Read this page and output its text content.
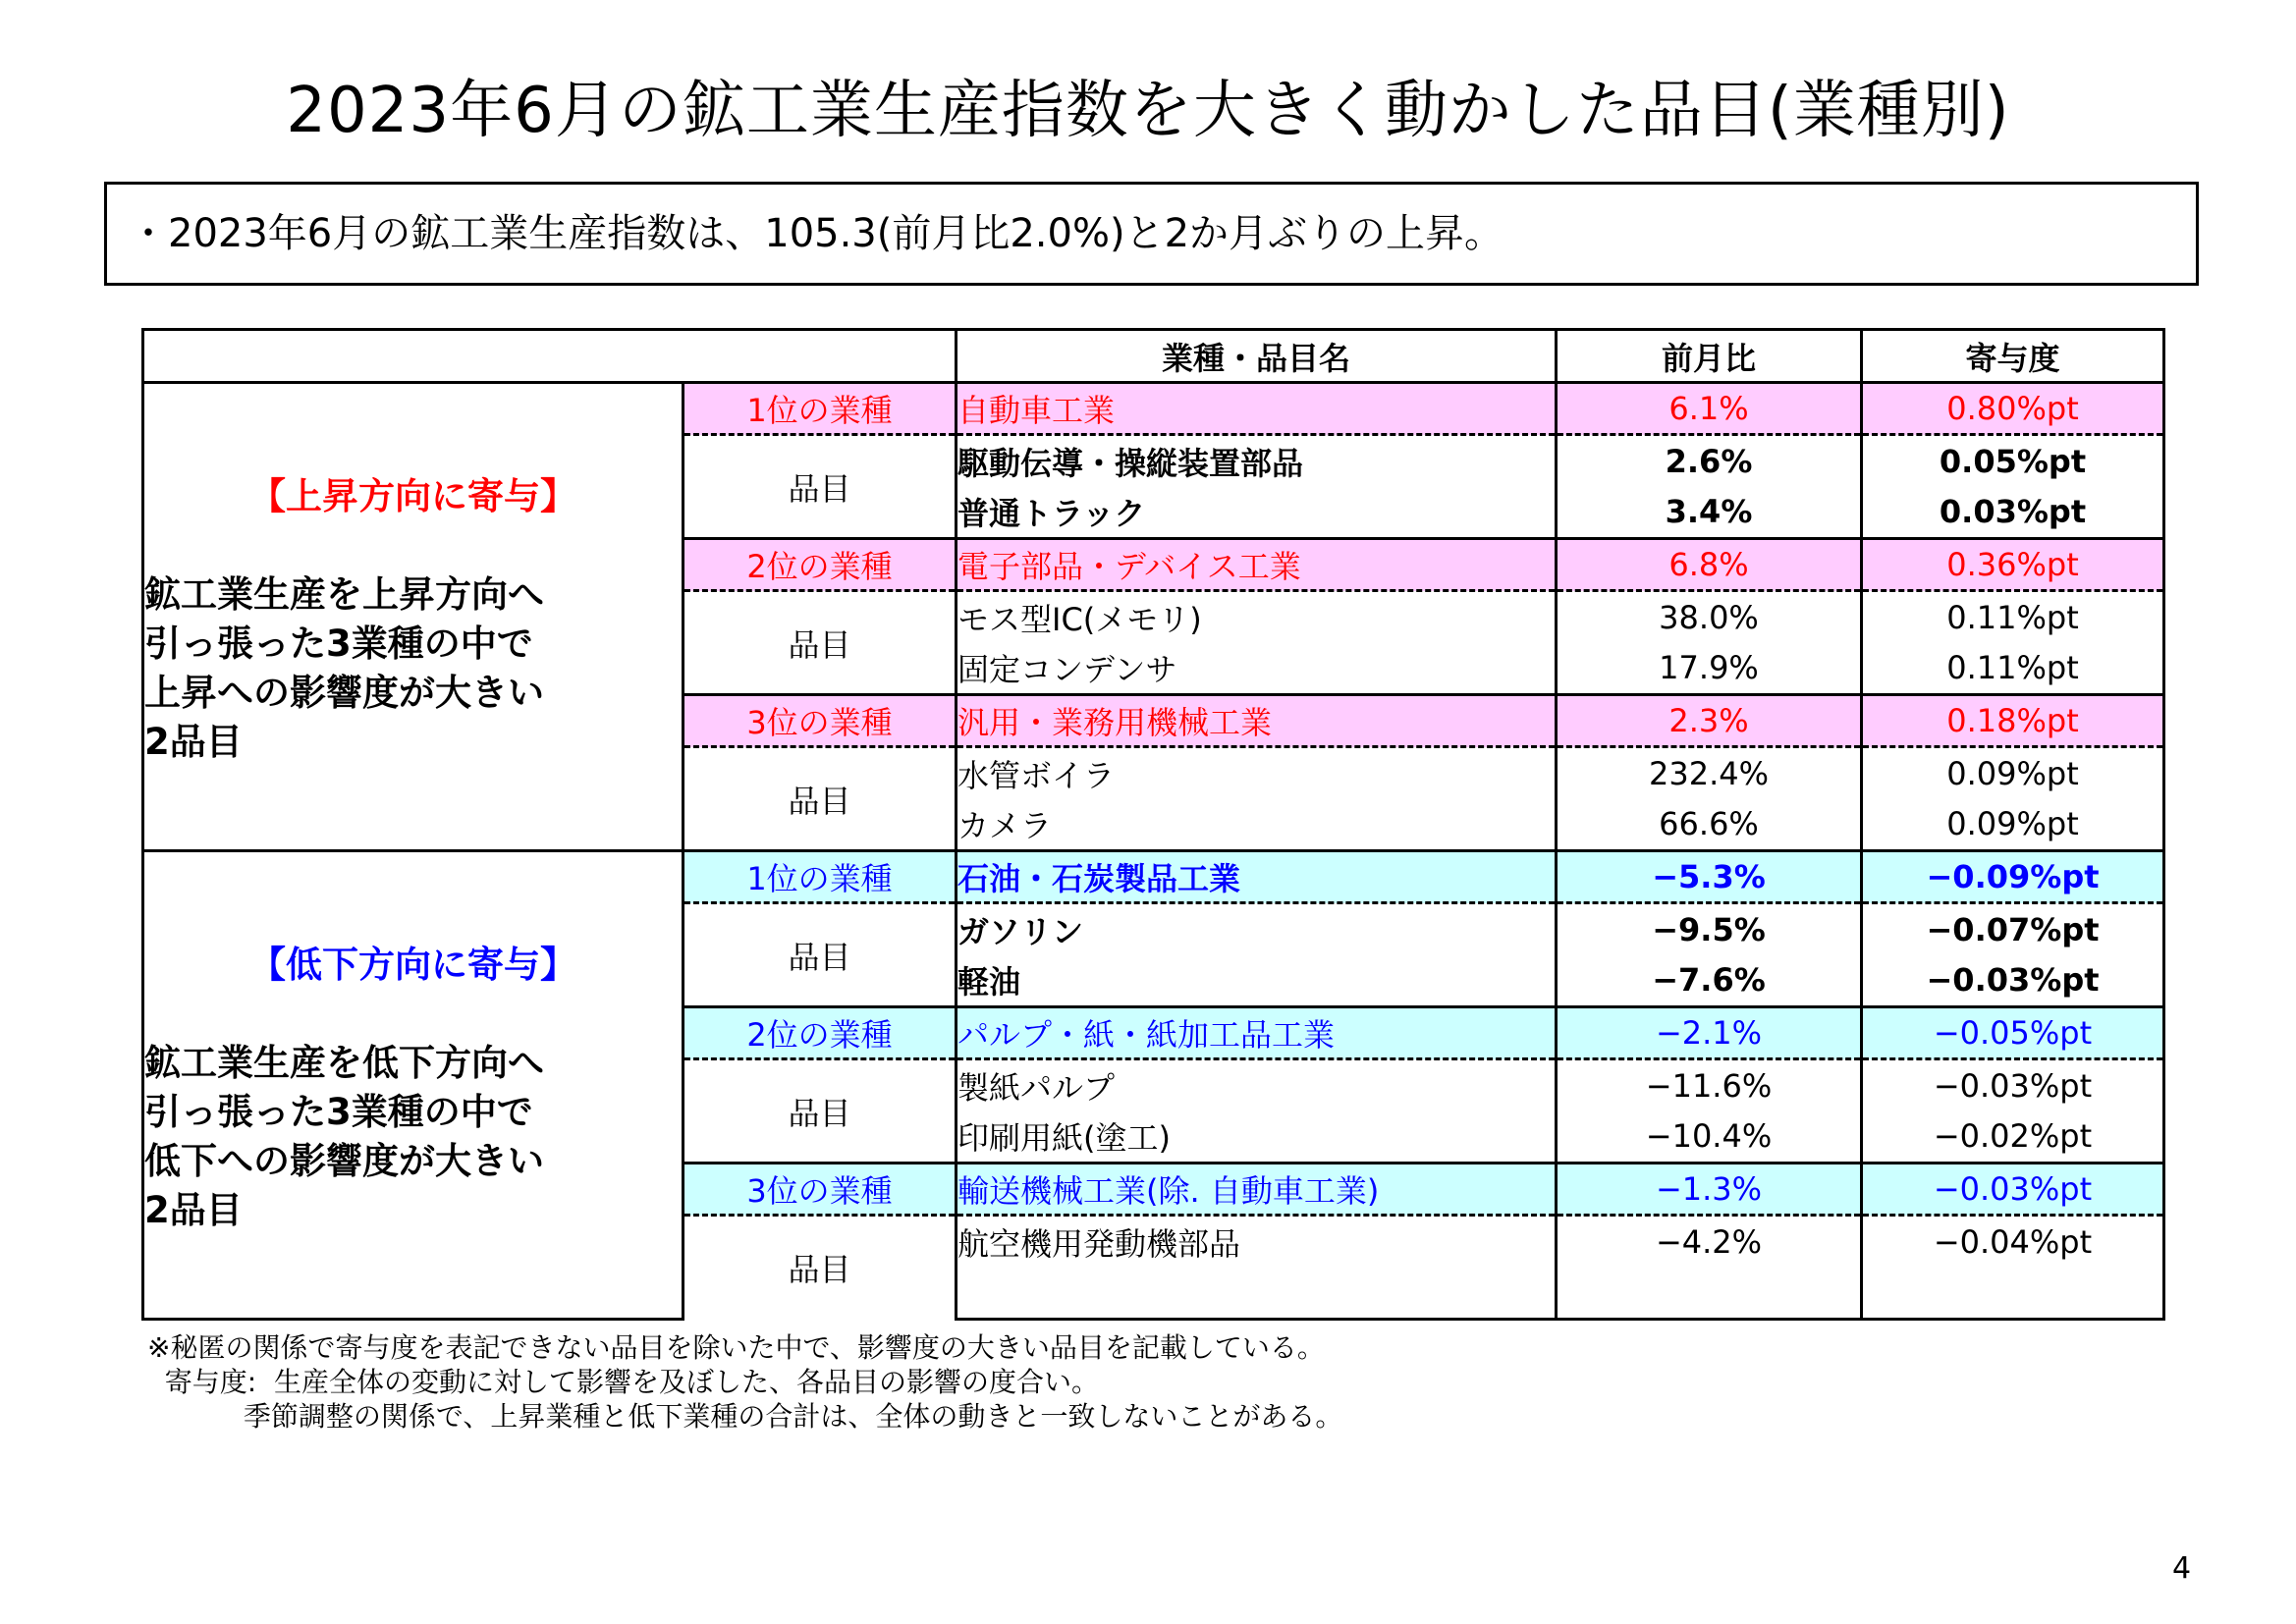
2023年6月の鉱工業生産指数を大きく動かした品目(業種別)
・2023年6月の鉱工業生産指数は、105.3(前月比2.0%)と2か月ぶりの上昇。
		業種・品目名	前月比	寄与度

【上昇方向に寄与】
鉱工業生産を上昇方向へ
引っ張った3業種の中で
上昇への影響度が大きい
2品目	1位の業種	自動車工業	6.1%	0.80%pt
	品目	駆動伝導・操縦装置部品	2.6%	0.05%pt
		普通トラック	3.4%	0.03%pt
	2位の業種	電子部品・デバイス工業	6.8%	0.36%pt
	品目	モス型IC(メモリ)	38.0%	0.11%pt
		固定コンデンサ	17.9%	0.11%pt
	3位の業種	汎用・業務用機械工業	2.3%	0.18%pt
	品目	水管ボイラ	232.4%	0.09%pt
		カメラ	66.6%	0.09%pt

【低下方向に寄与】
鉱工業生産を低下方向へ
引っ張った3業種の中で
低下への影響度が大きい
2品目	1位の業種	石油・石炭製品工業	−5.3%	−0.09%pt
	品目	ガソリン	−9.5%	−0.07%pt
		軽油	−7.6%	−0.03%pt
	2位の業種	パルプ・紙・紙加工品工業	−2.1%	−0.05%pt
	品目	製紙パルプ	−11.6%	−0.03%pt
		印刷用紙(塗工)	−10.4%	−0.02%pt
	3位の業種	輸送機械工業(除. 自動車工業)	−1.3%	−0.03%pt
	品目	航空機用発動機部品	−4.2%	−0.04%pt

※秘匿の関係で寄与度を表記できない品目を除いた中で、影響度の大きい品目を記載している。
寄与度:  生産全体の変動に対して影響を及ぼした、各品目の影響の度合い。
季節調整の関係で、上昇業種と低下業種の合計は、全体の動きと一致しないことがある。
4
